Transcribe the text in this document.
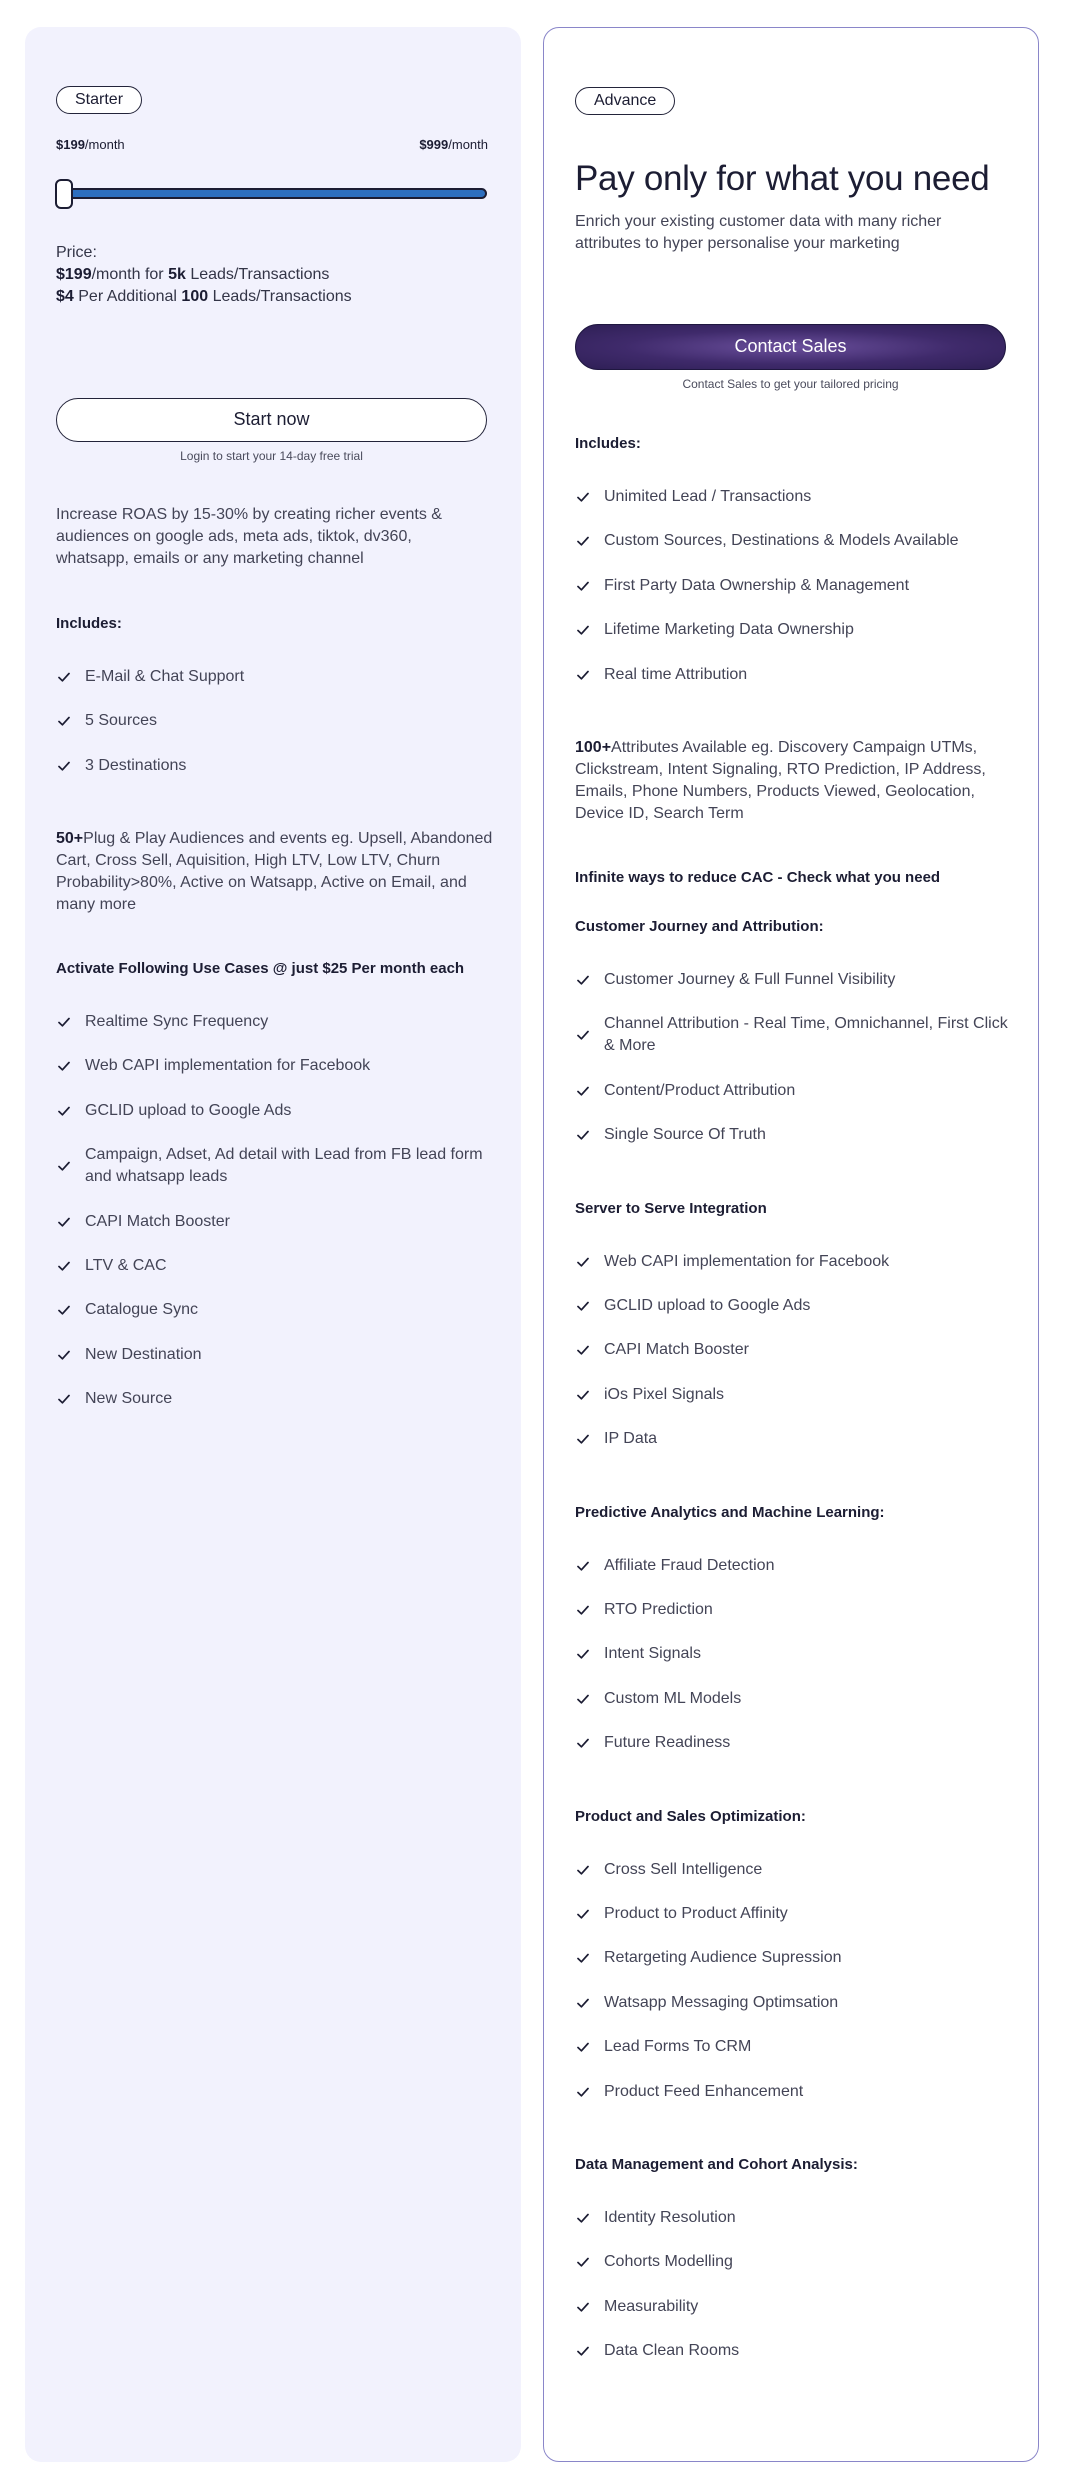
Starter
$199/month	$999/month
Price:
$199/month for 5k Leads/Transactions
$4 Per Additional 100 Leads/Transactions
Start now
Login to start your 14-day free trial
Increase ROAS by 15-30% by creating richer events & audiences on google ads, meta ads, tiktok, dv360, whatsapp, emails or any marketing channel
Includes:
E-Mail & Chat Support
5 Sources
3 Destinations
50+Plug & Play Audiences and events eg. Upsell, Abandoned Cart, Cross Sell, Aquisition, High LTV, Low LTV, Churn Probability>80%, Active on Watsapp, Active on Email, and many more
Activate Following Use Cases @ just $25 Per month each
Realtime Sync Frequency
Web CAPI implementation for Facebook
GCLID upload to Google Ads
Campaign, Adset, Ad detail with Lead from FB lead form and whatsapp leads
CAPI Match Booster
LTV & CAC
Catalogue Sync
New Destination
New Source
Advance
Pay only for what you need
Enrich your existing customer data with many richer attributes to hyper personalise your marketing
Contact Sales
Contact Sales to get your tailored pricing
Includes:
Unimited Lead / Transactions
Custom Sources, Destinations & Models Available
First Party Data Ownership & Management
Lifetime Marketing Data Ownership
Real time Attribution
100+Attributes Available eg. Discovery Campaign UTMs, Clickstream, Intent Signaling, RTO Prediction, IP Address, Emails, Phone Numbers, Products Viewed, Geolocation, Device ID, Search Term
Infinite ways to reduce CAC - Check what you need
Customer Journey and Attribution:
Customer Journey & Full Funnel Visibility
Channel Attribution - Real Time, Omnichannel, First Click & More
Content/Product Attribution
Single Source Of Truth
Server to Serve Integration
Web CAPI implementation for Facebook
GCLID upload to Google Ads
CAPI Match Booster
iOs Pixel Signals
IP Data
Predictive Analytics and Machine Learning:
Affiliate Fraud Detection
RTO Prediction
Intent Signals
Custom ML Models
Future Readiness
Product and Sales Optimization:
Cross Sell Intelligence
Product to Product Affinity
Retargeting Audience Supression
Watsapp Messaging Optimsation
Lead Forms To CRM
Product Feed Enhancement
Data Management and Cohort Analysis:
Identity Resolution
Cohorts Modelling
Measurability
Data Clean Rooms
